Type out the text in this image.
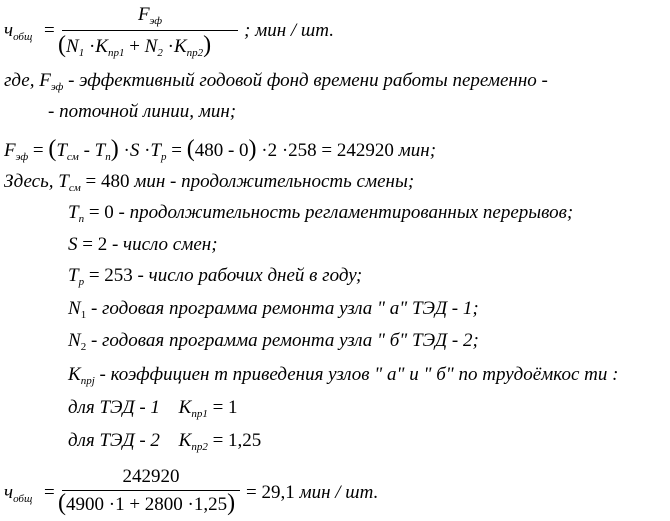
$ч_{общ}$ =
$F_{эф}$
$(N_1 \cdot K_{пр1} + N_2 \cdot K_{пр2})$
; мин / шт.
где, $F_{эф}$ - эффективный годовой фонд времени работы переменно -
- поточной линии, мин;
$F_{эф} = (T_{см} - T_п) \cdot S \cdot T_р = (480 - 0) \cdot 2 \cdot 258 = 242920$ мин;
Здесь, $T_{см} = 480$ мин - продолжительность смены;
$T_п = 0$ - продолжительность регламентированных перерывов;
S = 2 - число смен;
$T_р = 253$ - число рабочих дней в году;
$N_1$ - годовая программа ремонта узла " а" ТЭД - 1;
$N_2$ - годовая программа ремонта узла " б" ТЭД - 2;
$K_{прj}$ - коэффициен т приведения узлов " а" и " б" по трудоёмкос ти :
для ТЭД - 1 $K_{пр1} = 1$
для ТЭД - 2 $K_{пр2} = 1,25$
$ч_{общ}$ =
242920
(4900 ·1 + 2800 ·1,25) = 29,1 мин / шт.
